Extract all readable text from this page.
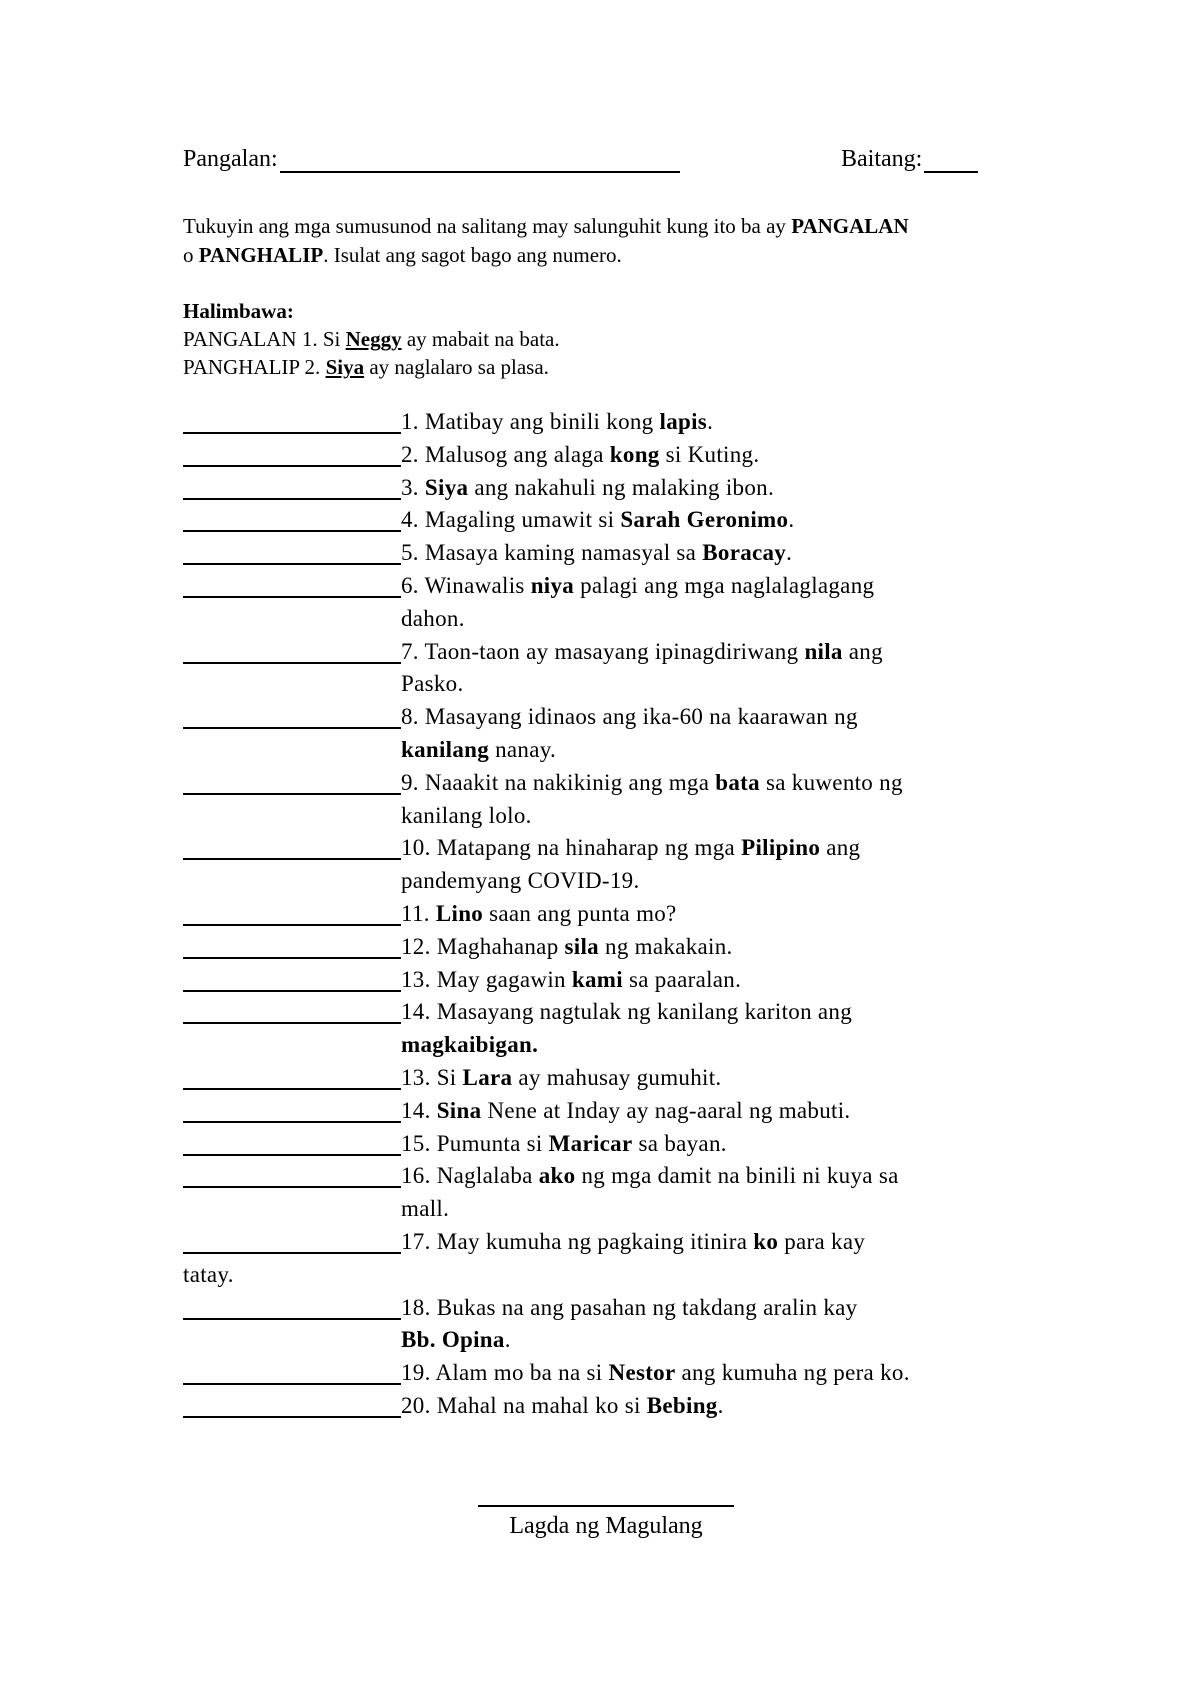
Pangalan:	Baitang:
Tukuyin ang mga sumusunod na salitang may salunguhit kung ito ba ay PANGALAN
o PANGHALIP. Isulat ang sagot bago ang numero.
Halimbawa:
PANGALAN 1. Si Neggy ay mabait na bata.
PANGHALIP 2. Siya ay naglalaro sa plasa.
1. Matibay ang binili kong lapis.
2. Malusog ang alaga kong si Kuting.
3. Siya ang nakahuli ng malaking ibon.
4. Magaling umawit si Sarah Geronimo.
5. Masaya kaming namasyal sa Boracay.
6. Winawalis niya palagi ang mga naglalaglagang
dahon.
7. Taon-taon ay masayang ipinagdiriwang nila ang
Pasko.
8. Masayang idinaos ang ika-60 na kaarawan ng
kanilang nanay.
9. Naaakit na nakikinig ang mga bata sa kuwento ng
kanilang lolo.
10. Matapang na hinaharap ng mga Pilipino ang
pandemyang COVID-19.
11. Lino saan ang punta mo?
12. Maghahanap sila ng makakain.
13. May gagawin kami sa paaralan.
14. Masayang nagtulak ng kanilang kariton ang
magkaibigan.
13. Si Lara ay mahusay gumuhit.
14. Sina Nene at Inday ay nag-aaral ng mabuti.
15. Pumunta si Maricar sa bayan.
16. Naglalaba ako ng mga damit na binili ni kuya sa
mall.
17. May kumuha ng pagkaing itinira ko para kay
tatay.
18. Bukas na ang pasahan ng takdang aralin kay
Bb. Opina.
19. Alam mo ba na si Nestor ang kumuha ng pera ko.
20. Mahal na mahal ko si Bebing.
Lagda ng Magulang
